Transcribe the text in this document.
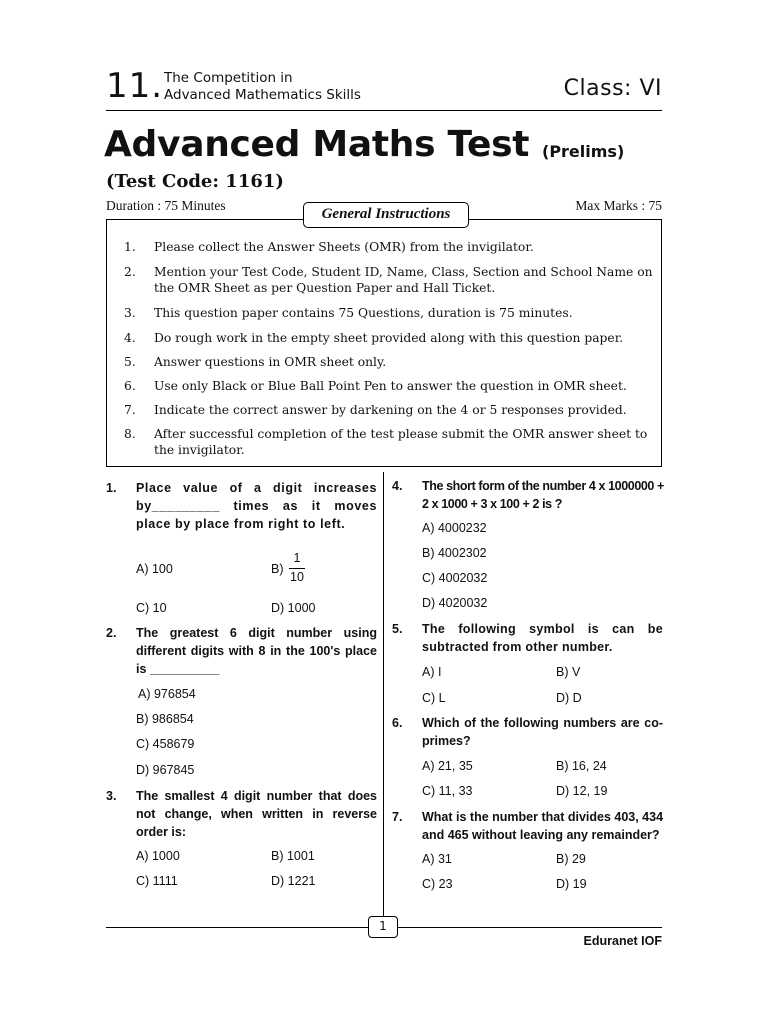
11. The Competition in
Advanced Mathematics Skills	Class: VI
Advanced Maths Test (Prelims)
(Test Code: 1161)
Duration : 75 Minutes	Max Marks : 75
General Instructions
1. Please collect the Answer Sheets (OMR) from the invigilator.
2. Mention your Test Code, Student ID, Name, Class, Section and School Name on the OMR Sheet as per Question Paper and Hall Ticket.
3. This question paper contains 75 Questions, duration is 75 minutes.
4. Do rough work in the empty sheet provided along with this question paper.
5. Answer questions in OMR sheet only.
6. Use only Black or Blue Ball Point Pen to answer the question in OMR sheet.
7. Indicate the correct answer by darkening on the 4 or 5 responses provided.
8. After successful completion of the test please submit the OMR answer sheet to the invigilator.
1. Place value of a digit increases by_________ times as it moves place by place from right to left.
A) 100	B)
1
10
C) 10	D) 1000
2. The greatest 6 digit number using different digits with 8 in the 100's place is __________
A) 976854
B) 986854
C) 458679
D) 967845
3. The smallest 4 digit number that does not change, when written in reverse order is:
A) 1000	B) 1001
C) 1111	D) 1221
4. The short form of the number 4 x 1000000 + 2 x 1000 + 3 x 100 + 2 is ?
A) 4000232
B) 4002302
C) 4002032
D) 4020032
5. The following symbol is can be subtracted from other number.
A) I	B) V
C) L	D) D
6. Which of the following numbers are co-primes?
A) 21, 35	B) 16, 24
C) 11, 33	D) 12, 19
7. What is the number that divides 403, 434 and 465 without leaving any remainder?
A) 31	B) 29
C) 23	D) 19
1
Eduranet IOF
